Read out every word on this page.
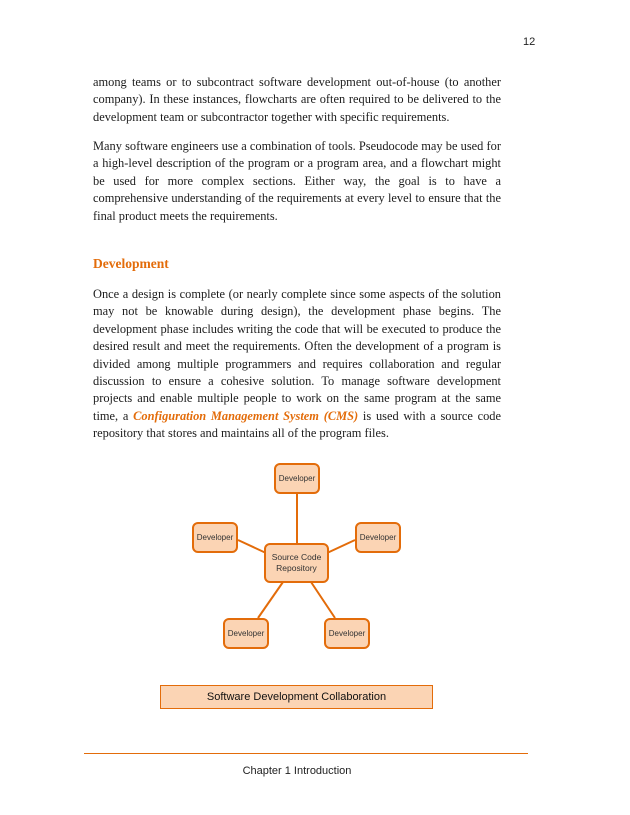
12

among teams or to subcontract software development out-of-house (to another company). In these instances, flowcharts are often required to be delivered to the development team or subcontractor together with specific requirements.

Many software engineers use a combination of tools. Pseudocode may be used for a high-level description of the program or a program area, and a flowchart might be used for more complex sections. Either way, the goal is to have a comprehensive understanding of the requirements at every level to ensure that the final product meets the requirements.

Development

Once a design is complete (or nearly complete since some aspects of the solution may not be knowable during design), the development phase begins. The development phase includes writing the code that will be executed to produce the desired result and meet the requirements. Often the development of a program is divided among multiple programmers and requires collaboration and regular discussion to ensure a cohesive solution. To manage software development projects and enable multiple people to work on the same program at the same time, a Configuration Management System (CMS) is used with a source code repository that stores and maintains all of the program files.

Developer
Developer	Developer
Source Code Repository
Developer	Developer
Software Development Collaboration
Chapter 1 Introduction
